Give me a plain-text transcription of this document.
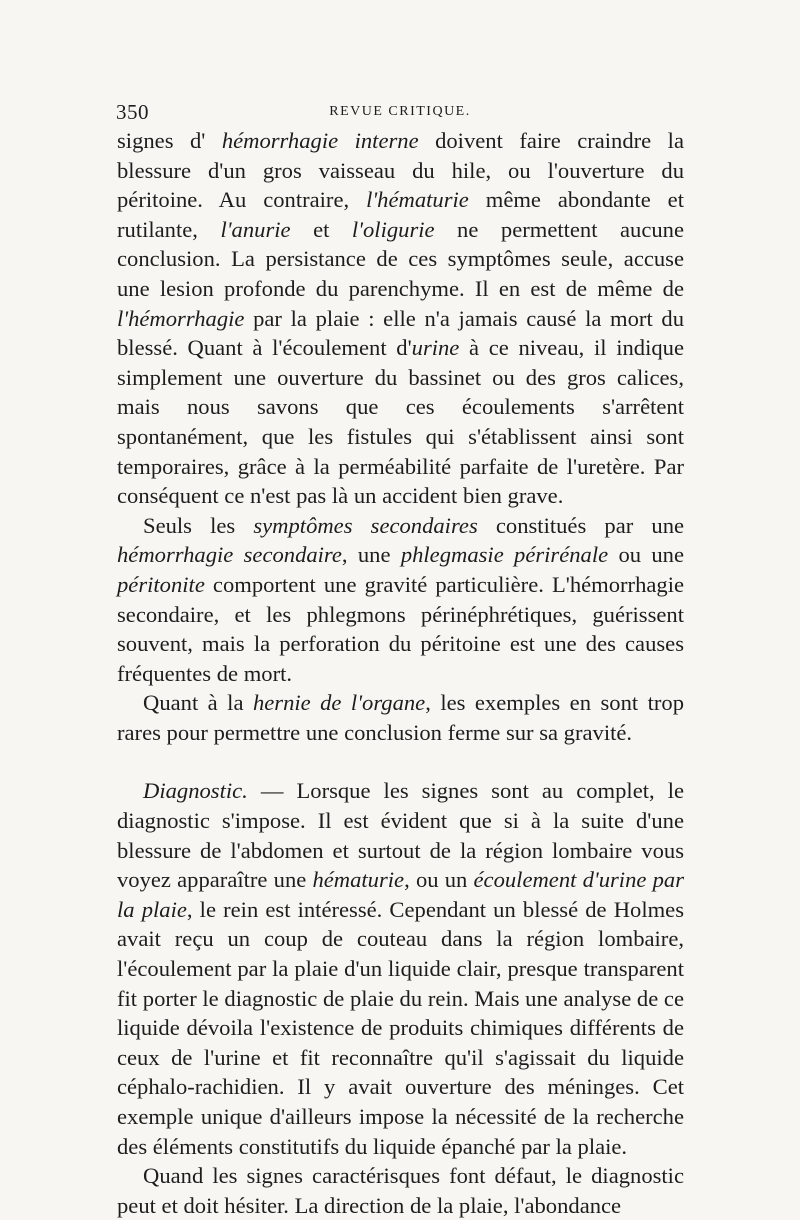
350	REVUE CRITIQUE.

signes d' hémorrhagie interne doivent faire craindre la blessure d'un gros vaisseau du hile, ou l'ouverture du péritoine. Au contraire, l'hématurie même abondante et rutilante, l'anurie et l'oligurie ne permettent aucune conclusion. La persistance de ces symptômes seule, accuse une lesion profonde du parenchyme. Il en est de même de l'hémorrhagie par la plaie : elle n'a jamais causé la mort du blessé. Quant à l'écoulement d'urine à ce niveau, il indique simplement une ouverture du bassinet ou des gros calices, mais nous savons que ces écoulements s'arrêtent spontanément, que les fistules qui s'établissent ainsi sont temporaires, grâce à la perméabilité parfaite de l'uretère. Par conséquent ce n'est pas là un accident bien grave.

Seuls les symptômes secondaires constitués par une hémorrhagie secondaire, une phlegmasie périrénale ou une péritonite comportent une gravité particulière. L'hémorrhagie secondaire, et les phlegmons périnéphrétiques, guérissent souvent, mais la perforation du péritoine est une des causes fréquentes de mort.

Quant à la hernie de l'organe, les exemples en sont trop rares pour permettre une conclusion ferme sur sa gravité.

Diagnostic. — Lorsque les signes sont au complet, le diagnostic s'impose. Il est évident que si à la suite d'une blessure de l'abdomen et surtout de la région lombaire vous voyez apparaître une hématurie, ou un écoulement d'urine par la plaie, le rein est intéressé. Cependant un blessé de Holmes avait reçu un coup de couteau dans la région lombaire, l'écoulement par la plaie d'un liquide clair, presque transparent fit porter le diagnostic de plaie du rein. Mais une analyse de ce liquide dévoila l'existence de produits chimiques différents de ceux de l'urine et fit reconnaître qu'il s'agissait du liquide céphalo-rachidien. Il y avait ouverture des méninges. Cet exemple unique d'ailleurs impose la nécessité de la recherche des éléments constitutifs du liquide épanché par la plaie.

Quand les signes caractérisques font défaut, le diagnostic peut et doit hésiter. La direction de la plaie, l'abondance
